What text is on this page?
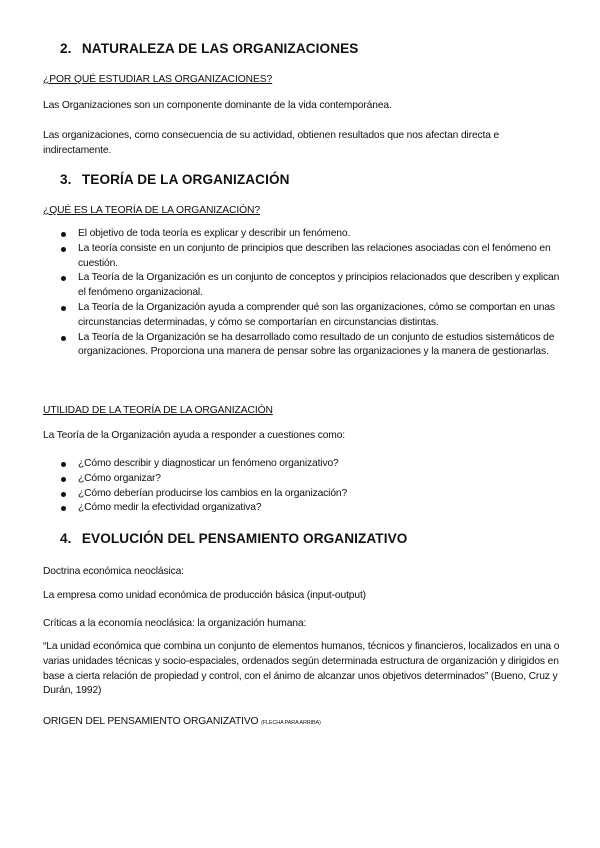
2. NATURALEZA DE LAS ORGANIZACIONES
¿POR QUÉ ESTUDIAR LAS ORGANIZACIONES?
Las Organizaciones son un componente dominante de la vida contemporánea.
Las organizaciones, como consecuencia de su actividad, obtienen resultados que nos afectan directa e indirectamente.
3. TEORÍA DE LA ORGANIZACIÓN
¿QUÉ ES LA TEORÍA DE LA ORGANIZACIÓN?
El objetivo de toda teoría es explicar y describir un fenómeno.
La teoría consiste en un conjunto de principios que describen las relaciones asociadas con el fenómeno en cuestión.
La Teoría de la Organización es un conjunto de conceptos y principios relacionados que describen y explican el fenómeno organizacional.
La Teoría de la Organización ayuda a comprender qué son las organizaciones, cómo se comportan en unas circunstancias determinadas, y cómo se comportarían en circunstancias distintas.
La Teoría de la Organización se ha desarrollado como resultado de un conjunto de estudios sistemáticos de organizaciones. Proporciona una manera de pensar sobre las organizaciones y la manera de gestionarlas.
UTILIDAD DE LA TEORÍA DE LA ORGANIZACIÓN
La Teoría de la Organización ayuda a responder a cuestiones como:
¿Cómo describir y diagnosticar un fenómeno organizativo?
¿Cómo organizar?
¿Cómo deberían producirse los cambios en la organización?
¿Cómo medir la efectividad organizativa?
4. EVOLUCIÓN DEL PENSAMIENTO ORGANIZATIVO
Doctrina económica neoclásica:
La empresa como unidad económica de producción básica (input-output)
Críticas a la economía neoclásica: la organización humana:
“La unidad económica que combina un conjunto de elementos humanos, técnicos y financieros, localizados en una o varias unidades técnicas y socio-espaciales, ordenados según determinada estructura de organización y dirigidos en base a cierta relación de propiedad y control, con el ánimo de alcanzar unos objetivos determinados” (Bueno, Cruz y Durán, 1992)
ORIGEN DEL PENSAMIENTO ORGANIZATIVO (FLECHA PARA ARRIBA)
